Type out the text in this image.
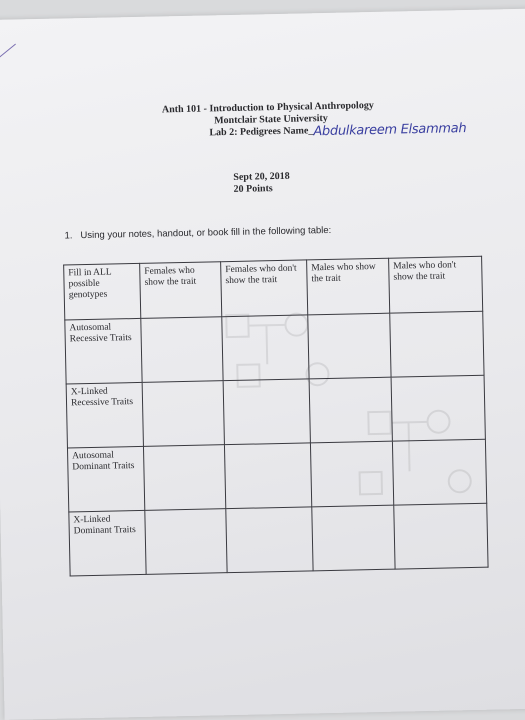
Anth 101 - Introduction to Physical Anthropology
Montclair State University
Lab 2: Pedigrees Name_Abdulkareem Elsammah
Sept 20, 2018
20 Points
1. Using your notes, handout, or book fill in the following table:
Fill in ALL possible genotypes	Females who show the trait	Females who don't show the trait	Males who show the trait	Males who don't show the trait
Autosomal Recessive Traits				
X-Linked Recessive Traits				
Autosomal Dominant Traits				
X-Linked Dominant Traits				
